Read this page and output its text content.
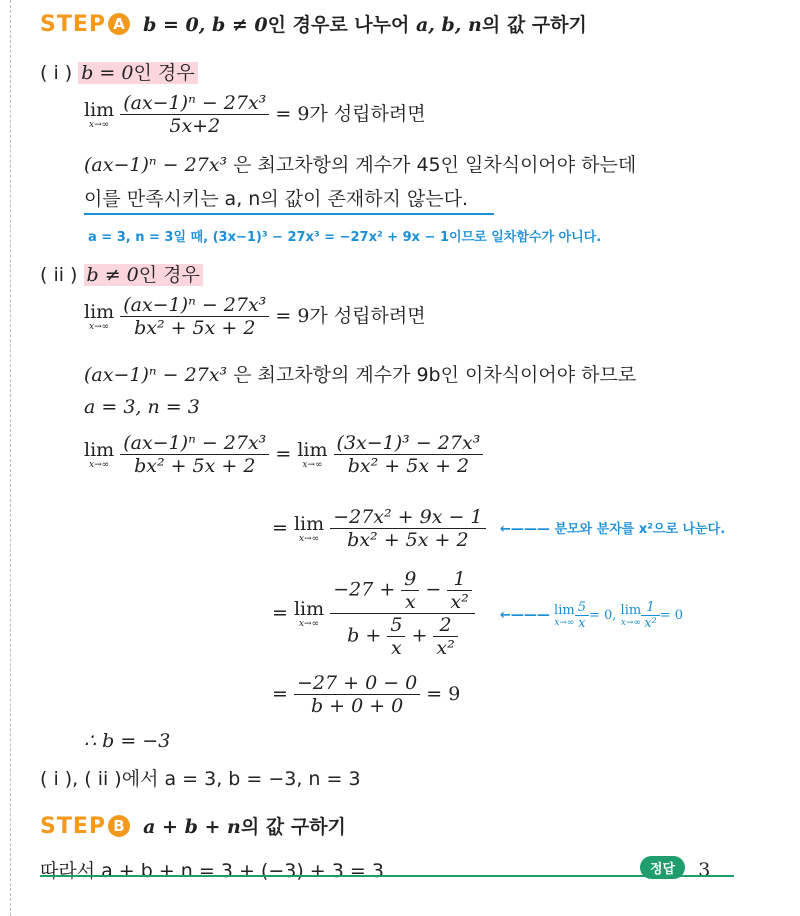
STEP A b = 0, b ≠ 0인 경우로 나누어 a, b, n의 값 구하기
( i ) b = 0인 경우
lim
x→∞
$\frac{\text{(ax−1)ⁿ − 27x³}}{5x+2} = 9$가 성립하려면
(ax−1)ⁿ − 27x³ 은 최고차항의 계수가 45인 일차식이어야 하는데
이를 만족시키는 a, n의 값이 존재하지 않는다.
a = 3, n = 3일 때, (3x−1)³ − 27x³ = −27x² + 9x − 1이므로 일차함수가 아니다.
( ii ) b ≠ 0인 경우
lim
x→∞
$\frac{\text{(ax−1)ⁿ − 27x³}}{\text{bx² + 5x + 2}} = 9$가 성립하려면
(ax−1)ⁿ − 27x³ 은 최고차항의 계수가 9b인 이차식이어야 하므로
a = 3, n = 3
lim
x→∞
$\frac{\text{(ax−1)ⁿ − 27x³}}{\text{bx² + 5x + 2}} = \lim$
x→∞
$\frac{\text{(3x−1)³ − 27x³}}{\text{bx² + 5x + 2}}$
= lim
x→∞
$\frac{\text{−27x² + 9x − 1}}{\text{bx² + 5x + 2}}$ ←——— 분모와 분자를 x²으로 나눈다.
= lim
x→∞
$\frac{-27 + \frac{9}{x} - \frac{1}{\text{x²}}}{b + \frac{5}{x} + \frac{2}{\text{x²}}}$ ←——— lim
$x\to\infty \frac{5}{x} = 0$, lim
$x\to\infty \frac{1}{\text{x²}} = 0$
= $\frac{-27 + 0 - 0}{b + 0 + 0} = 9$
∴ b = −3
( i ), ( ii )에서 a = 3, b = −3, n = 3
STEP B a + b + n의 값 구하기
따라서 a + b + n = 3 + (−3) + 3 = 3	정답 3
